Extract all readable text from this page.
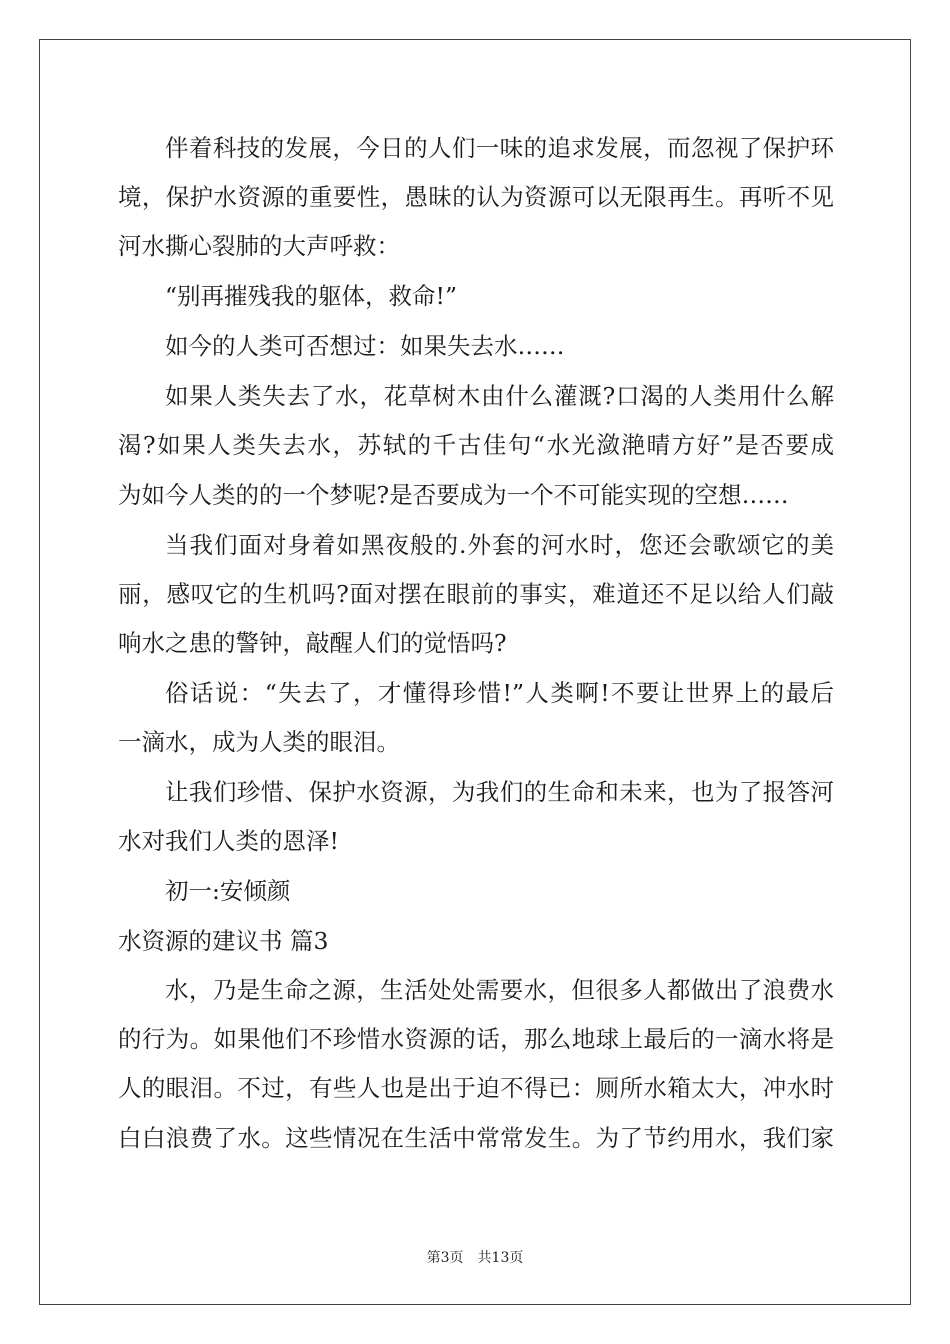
伴着科技的发展，今日的人们一味的追求发展，而忽视了保护环
境，保护水资源的重要性，愚昧的认为资源可以无限再生。再听不见
河水撕心裂肺的大声呼救：
“别再摧残我的躯体，救命!”
如今的人类可否想过：如果失去水……
如果人类失去了水，花草树木由什么灌溉?口渴的人类用什么解
渴?如果人类失去水，苏轼的千古佳句“水光潋滟晴方好”是否要成
为如今人类的的一个梦呢?是否要成为一个不可能实现的空想……
当我们面对身着如黑夜般的.外套的河水时，您还会歌颂它的美
丽，感叹它的生机吗?面对摆在眼前的事实，难道还不足以给人们敲
响水之患的警钟，敲醒人们的觉悟吗?
俗话说：“失去了，才懂得珍惜!”人类啊!不要让世界上的最后
一滴水，成为人类的眼泪。
让我们珍惜、保护水资源，为我们的生命和未来，也为了报答河
水对我们人类的恩泽!
初一:安倾颜
水资源的建议书 篇3
水，乃是生命之源，生活处处需要水，但很多人都做出了浪费水
的行为。如果他们不珍惜水资源的话，那么地球上最后的一滴水将是
人的眼泪。不过，有些人也是出于迫不得已：厕所水箱太大，冲水时
白白浪费了水。这些情况在生活中常常发生。为了节约用水，我们家
第3页 共13页
